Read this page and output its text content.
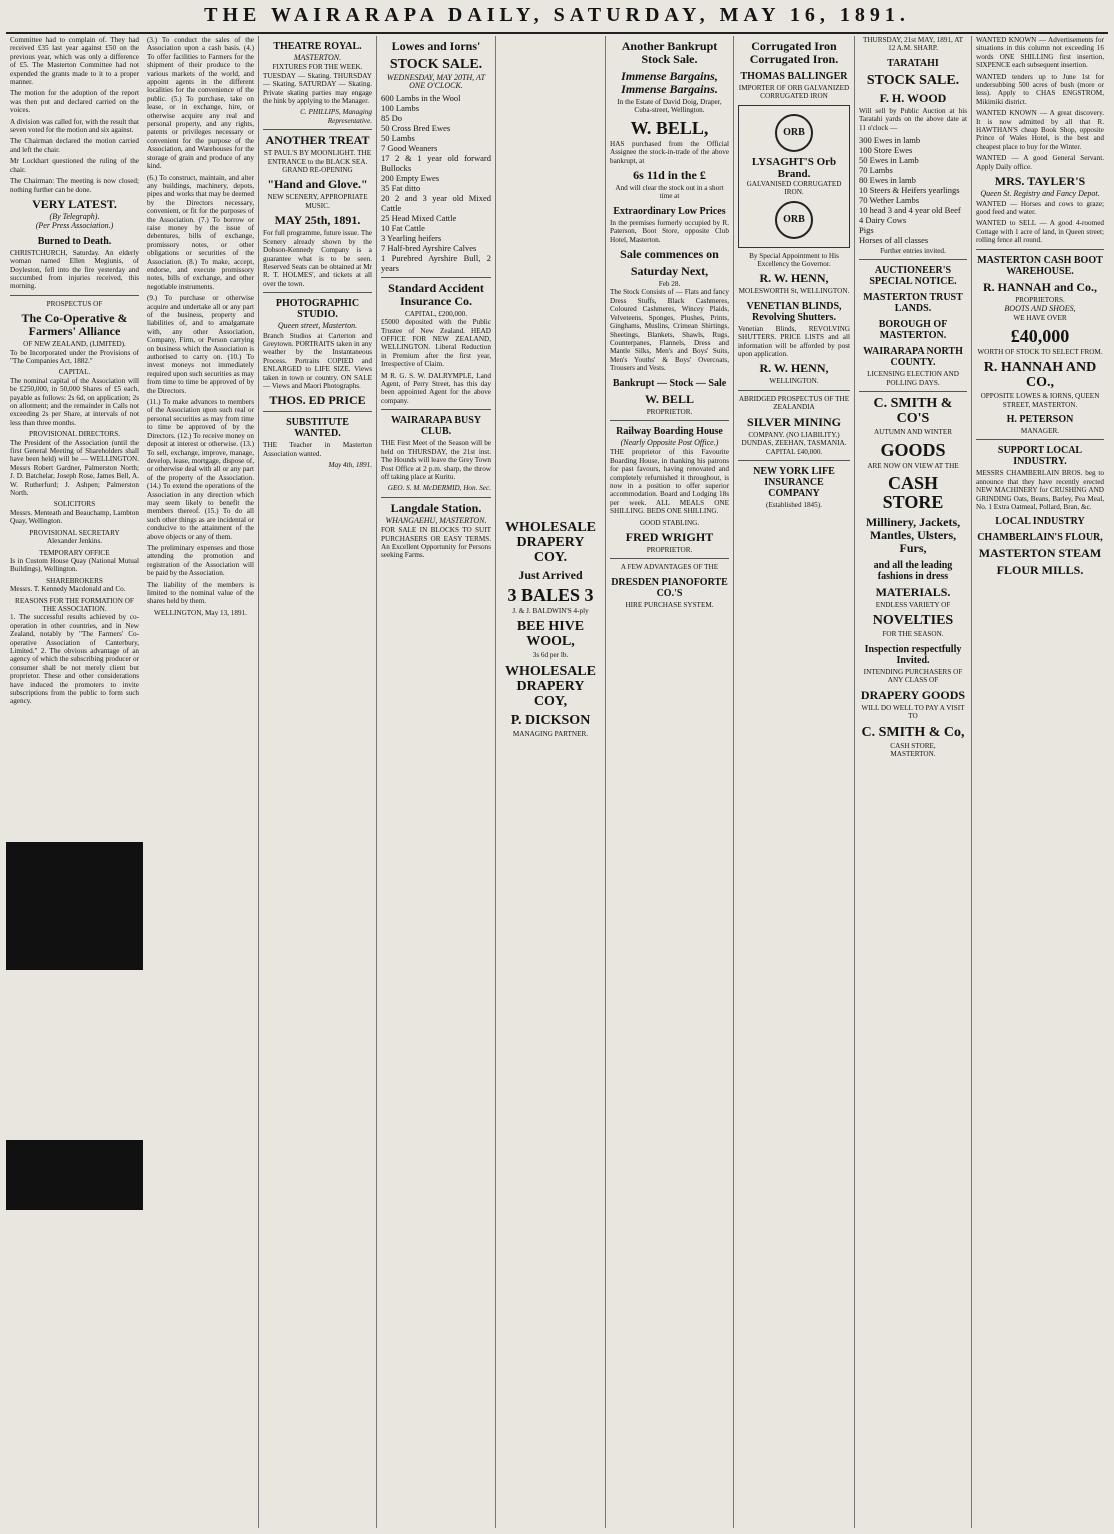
THE WAIRARAPA DAILY, SATURDAY, MAY 16, 1891.

Committee had to complain of. They had received £35 last year against £50 on the previous year, which was only a difference of £5. The Masterton Committee had not expended the grants made to it to a proper manner.

The motion for the adoption of the report was then put and declared carried on the voices.

A division was called for, with the result that seven voted for the motion and six against.

The Chairman declared the motion carried and left the chair.

Mr Lockhart questioned the ruling of the chair.

The Chairman: The meeting is now closed; nothing further can be done.

VERY LATEST.
(By Telegraph).
(Per Press Association.)
Burned to Death.

CHRISTCHURCH, Saturday. An elderly woman named Ellen Megiunis, of Doyleston, fell into the fire yesterday and succumbed from injuries received, this morning.

PROSPECTUS OF
The Co-Operative & Farmers' Alliance
OF NEW ZEALAND, (LIMITED).

To be Incorporated under the Provisions of "The Companies Act, 1882."

CAPITAL.

The nominal capital of the Association will be £250,000, in 50,000 Shares of £5 each, payable as follows: 2s 6d, on application; 2s on allotment; and the remainder in Calls not exceeding 2s per Share, at intervals of not less than three months.

PROVISIONAL DIRECTORS.

The President of the Association (until the first General Meeting of Shareholders shall have been held) will be — WELLINGTON. Messrs Robert Gardner, Palmerston North; J. D. Batchelar, Joseph Rose, James Bell, A. W. Rutherfurd; J. Ashpen; Palmerston North.

SOLICITORS

Messrs. Menteath and Beauchamp, Lambton Quay, Wellington.

PROVISIONAL SECRETARY

Alexander Jenkins.

TEMPORARY OFFICE

Is in Custom House Quay (National Mutual Buildings), Wellington.

SHAREBROKERS

Messrs. T. Kennedy Macdonald and Co.

REASONS FOR THE FORMATION OF THE ASSOCIATION.

1. The successful results achieved by co-operation in other countries, and in New Zealand, notably by "The Farmers' Co-operative Association of Canterbury, Limited." 2. The obvious advantage of an agency of which the subscribing producer or consumer shall be not merely client but proprietor. These and other considerations have induced the promoters to invite subscriptions from the public to form such agency.

(3.) To conduct the sales of the Association upon a cash basis. (4.) To offer facilities to Farmers for the shipment of their produce to the various markets of the world, and appoint agents in the different localities for the convenience of the public. (5.) To purchase, take on lease, or in exchange, hire, or otherwise acquire any real and personal property, and any rights, patents or privileges necessary or convenient for the purpose of the Association, and Warehouses for the storage of grain and produce of any kind.

(6.) To construct, maintain, and alter any buildings, machinery, depots, pipes and works that may be deemed by the Directors necessary, convenient, or fit for the purposes of the Association. (7.) To borrow or raise money by the issue of debentures, bills of exchange, promissory notes, or other obligations or securities of the Association. (8.) To make, accept, endorse, and execute promissory notes, bills of exchange, and other negotiable instruments.

(9.) To purchase or otherwise acquire and undertake all or any part of the business, property and liabilities of, and to amalgamate with, any other Association, Company, Firm, or Person carrying on business which the Association is authorised to carry on. (10.) To invest moneys not immediately required upon such securities as may from time to time be approved of by the Directors.

(11.) To make advances to members of the Association upon such real or personal securities as may from time to time be approved of by the Directors. (12.) To receive money on deposit at interest or otherwise. (13.) To sell, exchange, improve, manage, develop, lease, mortgage, dispose of, or otherwise deal with all or any part of the property of the Association. (14.) To extend the operations of the Association in any direction which may seem likely to benefit the members thereof. (15.) To do all such other things as are incidental or conducive to the attainment of the above objects or any of them.

The preliminary expenses and those attending the promotion and registration of the Association will be paid by the Association.

The liability of the members is limited to the nominal value of the shares held by them.

WELLINGTON, May 13, 1891.

THEATRE ROYAL.
MASTERTON.
FIXTURES FOR THE WEEK.

TUESDAY — Skating. THURSDAY — Skating. SATURDAY — Skating. Private skating parties may engage the hink by applying to the Manager.

C. PHILLIPS, Managing Representative.

ANOTHER TREAT

ST PAUL'S BY MOONLIGHT. THE ENTRANCE to the BLACK SEA. GRAND RE-OPENING

"Hand and Glove."

NEW SCENERY, APPROPRIATE MUSIC.

MAY 25th, 1891.

For full programme, future issue. The Scenery already shown by the Dobson-Kennedy Company is a guarantee what is to be seen. Reserved Seats can be obtained at Mr R. T. HOLMES', and tickets at all over the town.

PHOTOGRAPHIC STUDIO.
Queen street, Masterton.

Branch Studios at Carterton and Greytown. PORTRAITS taken in any weather by the Instantaneous Process. Portraits COPIED and ENLARGED to LIFE SIZE. Views taken in town or country. ON SALE — Views and Maori Photographs.

THOS. ED PRICE
SUBSTITUTE WANTED.

THE Teacher in Masterton Association wanted.

May 4th, 1891.

Lowes and Iorns'
STOCK SALE.
WEDNESDAY, MAY 20TH, AT ONE O'CLOCK.
600 Lambs in the Wool
100 Lambs
85 Do
50 Cross Bred Ewes
50 Lambs
7 Good Weaners
17 2 & 1 year old forward Bullocks
200 Empty Ewes
35 Fat ditto
20 2 and 3 year old Mixed Cattle
25 Head Mixed Cattle
10 Fat Cattle
3 Yearling heifers
7 Half-bred Ayrshire Calves
1 Purebred Ayrshire Bull, 2 years
Standard Accident Insurance Co.
CAPITAL, £200,000.

£5000 deposited with the Public Trustee of New Zealand. HEAD OFFICE FOR NEW ZEALAND, WELLINGTON. Liberal Reduction in Premium after the first year, Irrespective of Claim.

M R. G. S. W. DALRYMPLE, Land Agent, of Perry Street, has this day been appointed Agent for the above company.

WAIRARAPA BUSY CLUB.

THE First Meet of the Season will be held on THURSDAY, the 21st inst. The Hounds will leave the Grey Town Post Office at 2 p.m. sharp, the throw off taking place at Kuritu.

GEO. S. M. McDERMID, Hon. Sec.

Langdale Station.
WHANGAEHU, MASTERTON.

FOR SALE IN BLOCKS TO SUIT PURCHASERS OR EASY TERMS. An Excellent Opportunity for Persons seeking Farms.

WHOLESALE DRAPERY COY.
Just Arrived
3 BALES 3
J. & J. BALDWIN'S 4-ply
BEE HIVE WOOL,
3s 6d per lb.
WHOLESALE DRAPERY COY,
P. DICKSON
MANAGING PARTNER.
Another Bankrupt Stock Sale.
Immense Bargains, Immense Bargains.

In the Estate of David Doig, Draper, Cuba-street, Wellington.

W. BELL,

HAS purchased from the Official Assignee the stock-in-trade of the above bankrupt, at

6s 11d in the £

And will clear the stock out in a short time at

Extraordinary Low Prices

In the premises formerly occupied by R. Paterson, Boot Store, opposite Club Hotel, Masterton.

Sale commences on
Saturday Next,
Feb 28.

The Stock Consists of — Flats and fancy Dress Stuffs, Black Cashmeres, Coloured Cashmeres, Wincey Plaids, Velveteens, Sponges, Plushes, Prints, Ginghams, Muslins, Crimean Shirtings, Sheetings, Blankets, Shawls, Rugs, Counterpanes, Flannels, Dress and Mantle Silks, Men's and Boys' Suits, Men's Youths' & Boys' Overcoats, Trousers and Vests.

Bankrupt — Stock — Sale
W. BELL
PROPRIETOR.
Railway Boarding House
(Nearly Opposite Post Office.)

THE proprietor of this Favourite Boarding House, in thanking his patrons for past favours, having renovated and completely refurnished it throughout, is now in a position to offer superior accommodation. Board and Lodging 18s per week. ALL MEALS ONE SHILLING. BEDS ONE SHILLING.

GOOD STABLING.
FRED WRIGHT
PROPRIETOR.
A FEW ADVANTAGES OF THE
DRESDEN PIANOFORTE CO.'S
HIRE PURCHASE SYSTEM.
Corrugated Iron Corrugated Iron.
THOMAS BALLINGER
IMPORTER OF ORB GALVANIZED CORRUGATED IRON
ORB
LYSAGHT'S Orb Brand.
GALVANISED CORRUGATED IRON.
ORB
By Special Appointment to His Excellency the Governor.
R. W. HENN,
MOLESWORTH St, WELLINGTON.
VENETIAN BLINDS, Revolving Shutters.

Venetian Blinds, REVOLVING SHUTTERS. PRICE LISTS and all information will be afforded by post upon application.

R. W. HENN,
WELLINGTON.
ABRIDGED PROSPECTUS OF THE ZEALANDIA
SILVER MINING
COMPANY. (NO LIABILITY.) DUNDAS, ZEEHAN, TASMANIA.
CAPITAL £40,000.
NEW YORK LIFE INSURANCE COMPANY
(Established 1845).
THURSDAY, 21st MAY, 1891, AT 12 A.M. SHARP.
TARATAHI
STOCK SALE.
F. H. WOOD

Will sell by Public Auction at his Taratahi yards on the above date at 11 o'clock —

300 Ewes in lamb
100 Store Ewes
50 Ewes in Lamb
70 Lambs
80 Ewes in lamb
10 Steers & Heifers yearlings
70 Wether Lambs
10 head 3 and 4 year old Beef
4 Dairy Cows
Pigs
Horses of all classes
Further entries invited.
AUCTIONEER'S SPECIAL NOTICE.
MASTERTON TRUST LANDS.
BOROUGH OF MASTERTON.
WAIRARAPA NORTH COUNTY.
LICENSING ELECTION AND POLLING DAYS.
C. SMITH & CO'S
AUTUMN AND WINTER
GOODS
ARE NOW ON VIEW AT THE
CASH STORE
Millinery, Jackets, Mantles, Ulsters, Furs,
and all the leading fashions in dress
MATERIALS.
ENDLESS VARIETY OF
NOVELTIES
FOR THE SEASON.
Inspection respectfully Invited.
INTENDING PURCHASERS OF ANY CLASS OF
DRAPERY GOODS
WILL DO WELL TO PAY A VISIT TO
C. SMITH & Co,
CASH STORE,
MASTERTON.

WANTED KNOWN — Advertisements for situations in this column not exceeding 16 words ONE SHILLING first insertion, SIXPENCE each subsequent insertion.

WANTED tenders up to June 1st for undersubbing 500 acres of bush (more or less). Apply to CHAS ENGSTROM, Mikimiki district.

WANTED KNOWN — A great discovery. It is now admitted by all that R. HAWTHAN'S cheap Book Shop, opposite Prince of Wales Hotel, is the best and cheapest place to buy for the Winter.

WANTED — A good General Servant. Apply Daily office.

MRS. TAYLER'S
Queen St. Registry and Fancy Depot.

WANTED — Horses and cows to graze; good feed and water.

WANTED to SELL — A good 4-roomed Cottage with 1 acre of land, in Queen street; rolling fence all round.

MASTERTON CASH BOOT WAREHOUSE.
R. HANNAH and Co.,
PROPRIETORS.
BOOTS AND SHOES,
WE HAVE OVER
£40,000
WORTH OF STOCK TO SELECT FROM.
R. HANNAH AND CO.,
OPPOSITE LOWES & IORNS, QUEEN STREET, MASTERTON.
H. PETERSON
MANAGER.
SUPPORT LOCAL INDUSTRY.

MESSRS CHAMBERLAIN BROS. beg to announce that they have recently erected NEW MACHINERY for CRUSHING AND GRINDING Oats, Beans, Barley, Pea Meal, No. 1 Extra Oatmeal, Pollard, Bran, &c.

LOCAL INDUSTRY
CHAMBERLAIN'S FLOUR,
MASTERTON STEAM
FLOUR MILLS.
